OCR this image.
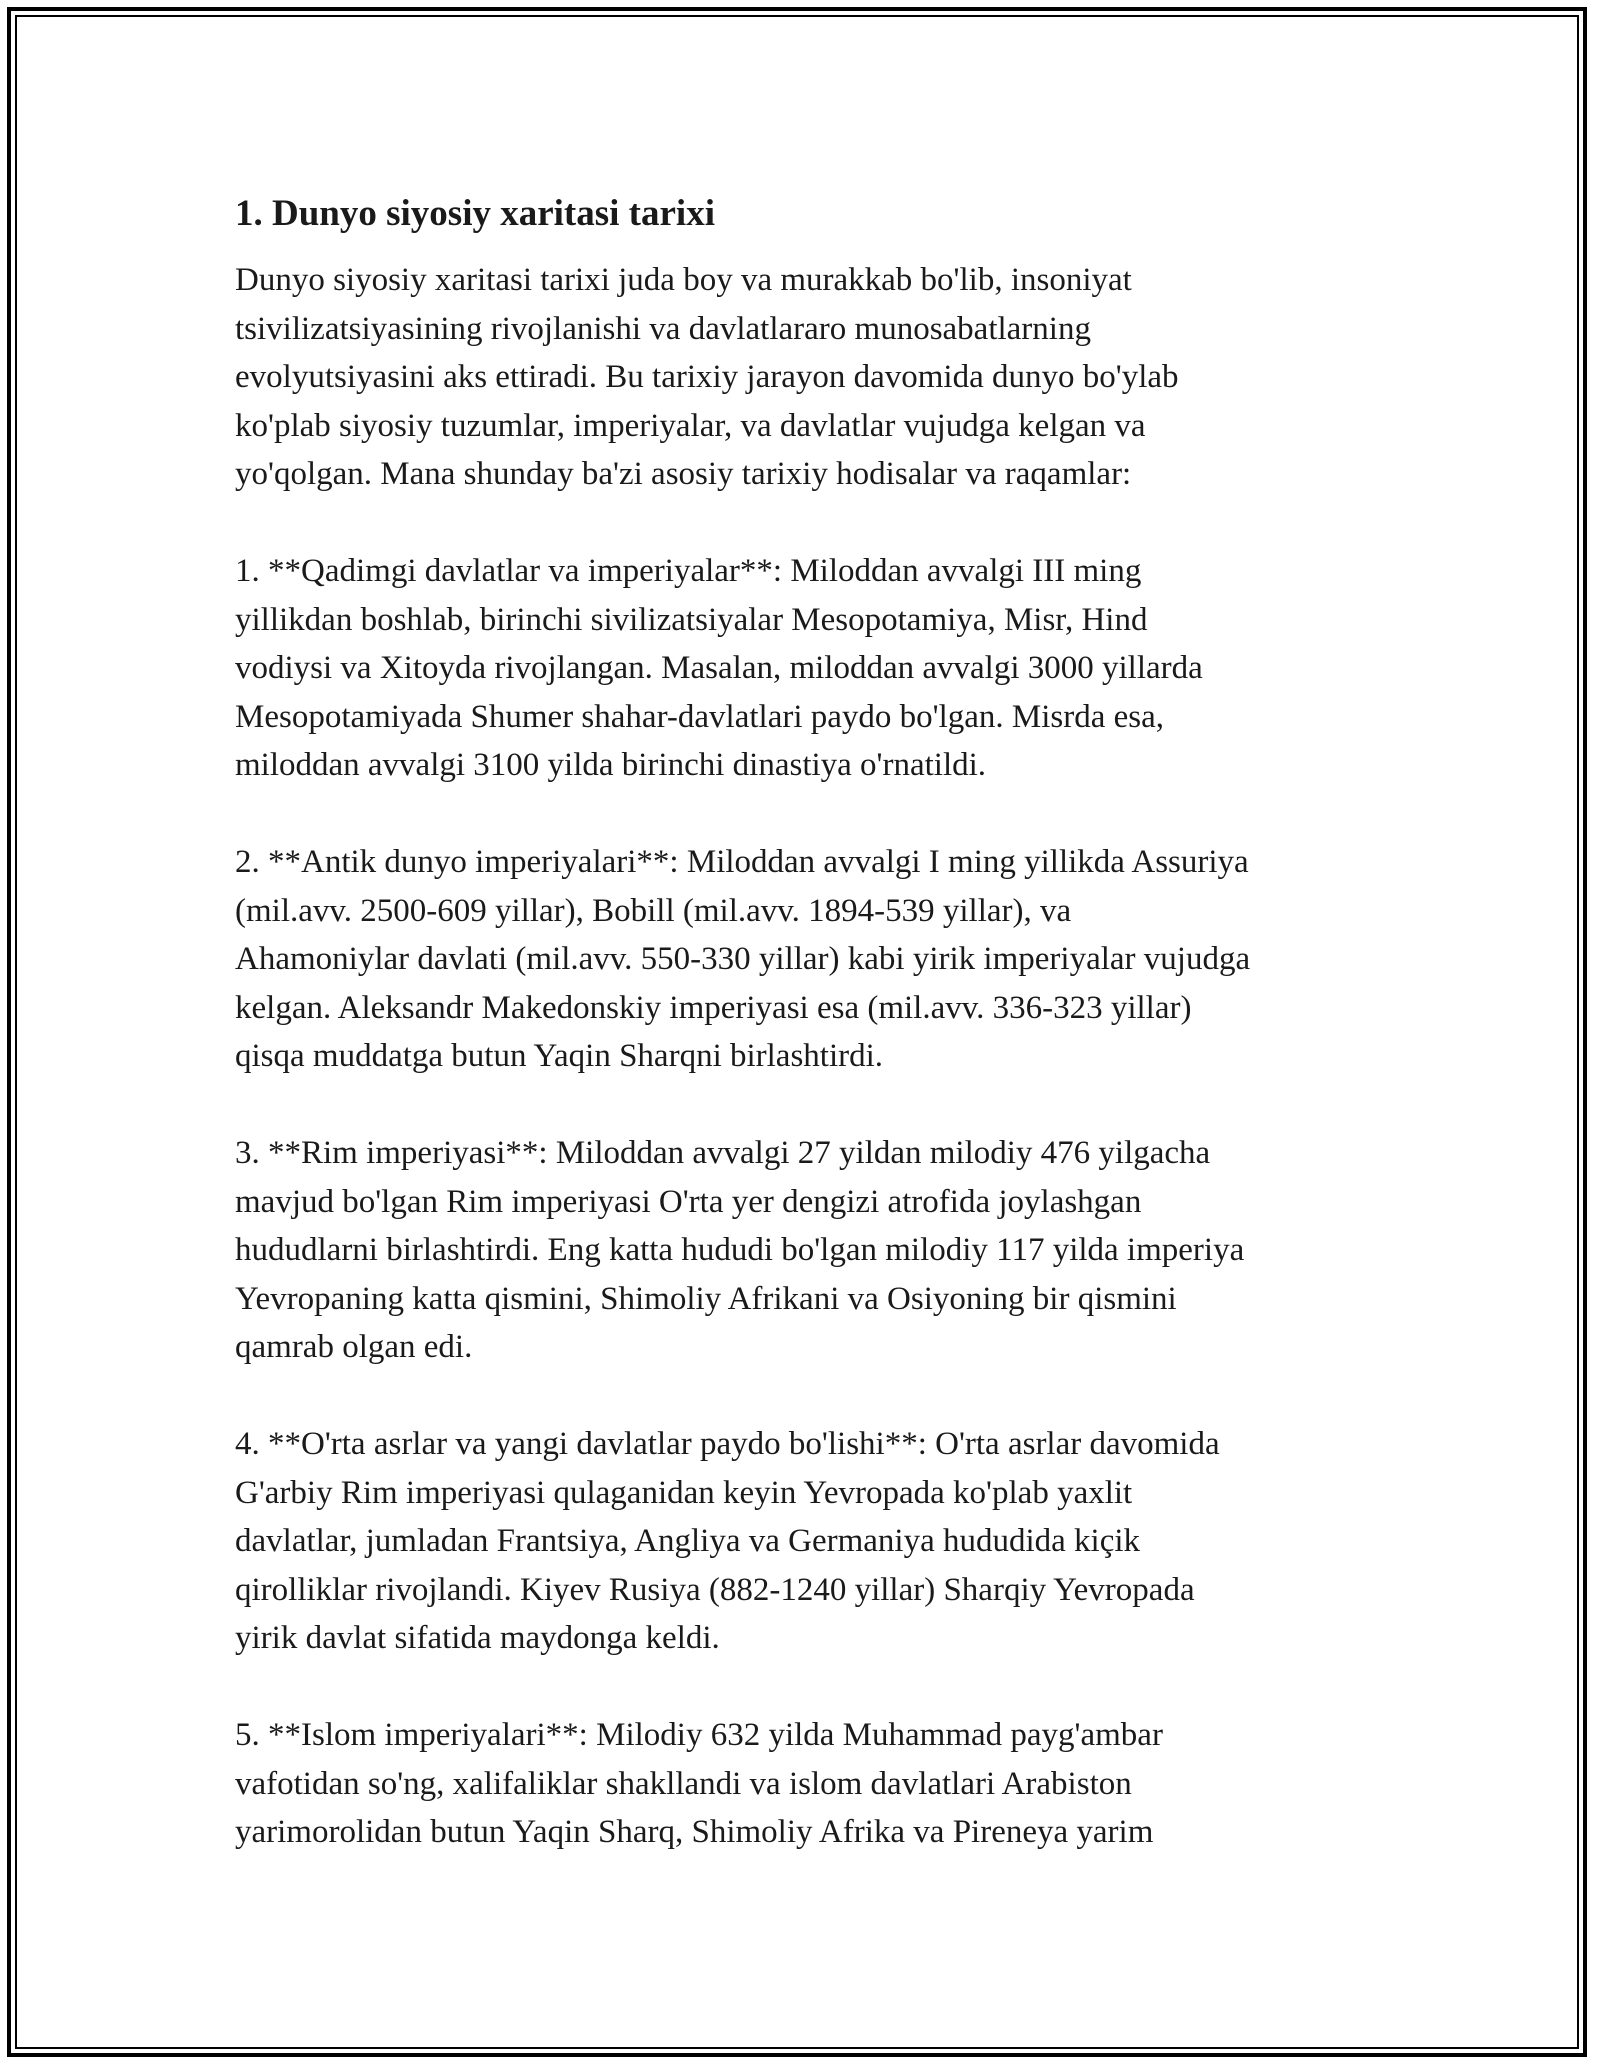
1. Dunyo siyosiy xaritasi tarixi

Dunyo siyosiy xaritasi tarixi juda boy va murakkab bo'lib, insoniyat
tsivilizatsiyasining rivojlanishi va davlatlararo munosabatlarning
evolyutsiyasini aks ettiradi. Bu tarixiy jarayon davomida dunyo bo'ylab
ko'plab siyosiy tuzumlar, imperiyalar, va davlatlar vujudga kelgan va
yo'qolgan. Mana shunday ba'zi asosiy tarixiy hodisalar va raqamlar:

1. **Qadimgi davlatlar va imperiyalar**: Miloddan avvalgi III ming
yillikdan boshlab, birinchi sivilizatsiyalar Mesopotamiya, Misr, Hind
vodiysi va Xitoyda rivojlangan. Masalan, miloddan avvalgi 3000 yillarda
Mesopotamiyada Shumer shahar-davlatlari paydo bo'lgan. Misrda esa,
miloddan avvalgi 3100 yilda birinchi dinastiya o'rnatildi.

2. **Antik dunyo imperiyalari**: Miloddan avvalgi I ming yillikda Assuriya
(mil.avv. 2500-609 yillar), Bobill (mil.avv. 1894-539 yillar), va
Ahamoniylar davlati (mil.avv. 550-330 yillar) kabi yirik imperiyalar vujudga
kelgan. Aleksandr Makedonskiy imperiyasi esa (mil.avv. 336-323 yillar)
qisqa muddatga butun Yaqin Sharqni birlashtirdi.

3. **Rim imperiyasi**: Miloddan avvalgi 27 yildan milodiy 476 yilgacha
mavjud bo'lgan Rim imperiyasi O'rta yer dengizi atrofida joylashgan
hududlarni birlashtirdi. Eng katta hududi bo'lgan milodiy 117 yilda imperiya
Yevropaning katta qismini, Shimoliy Afrikani va Osiyoning bir qismini
qamrab olgan edi.

4. **O'rta asrlar va yangi davlatlar paydo bo'lishi**: O'rta asrlar davomida
G'arbiy Rim imperiyasi qulaganidan keyin Yevropada ko'plab yaxlit
davlatlar, jumladan Frantsiya, Angliya va Germaniya hududida kiçik
qirolliklar rivojlandi. Kiyev Rusiya (882-1240 yillar) Sharqiy Yevropada
yirik davlat sifatida maydonga keldi.

5. **Islom imperiyalari**: Milodiy 632 yilda Muhammad payg'ambar
vafotidan so'ng, xalifaliklar shakllandi va islom davlatlari Arabiston
yarimorolidan butun Yaqin Sharq, Shimoliy Afrika va Pireneya yarim
